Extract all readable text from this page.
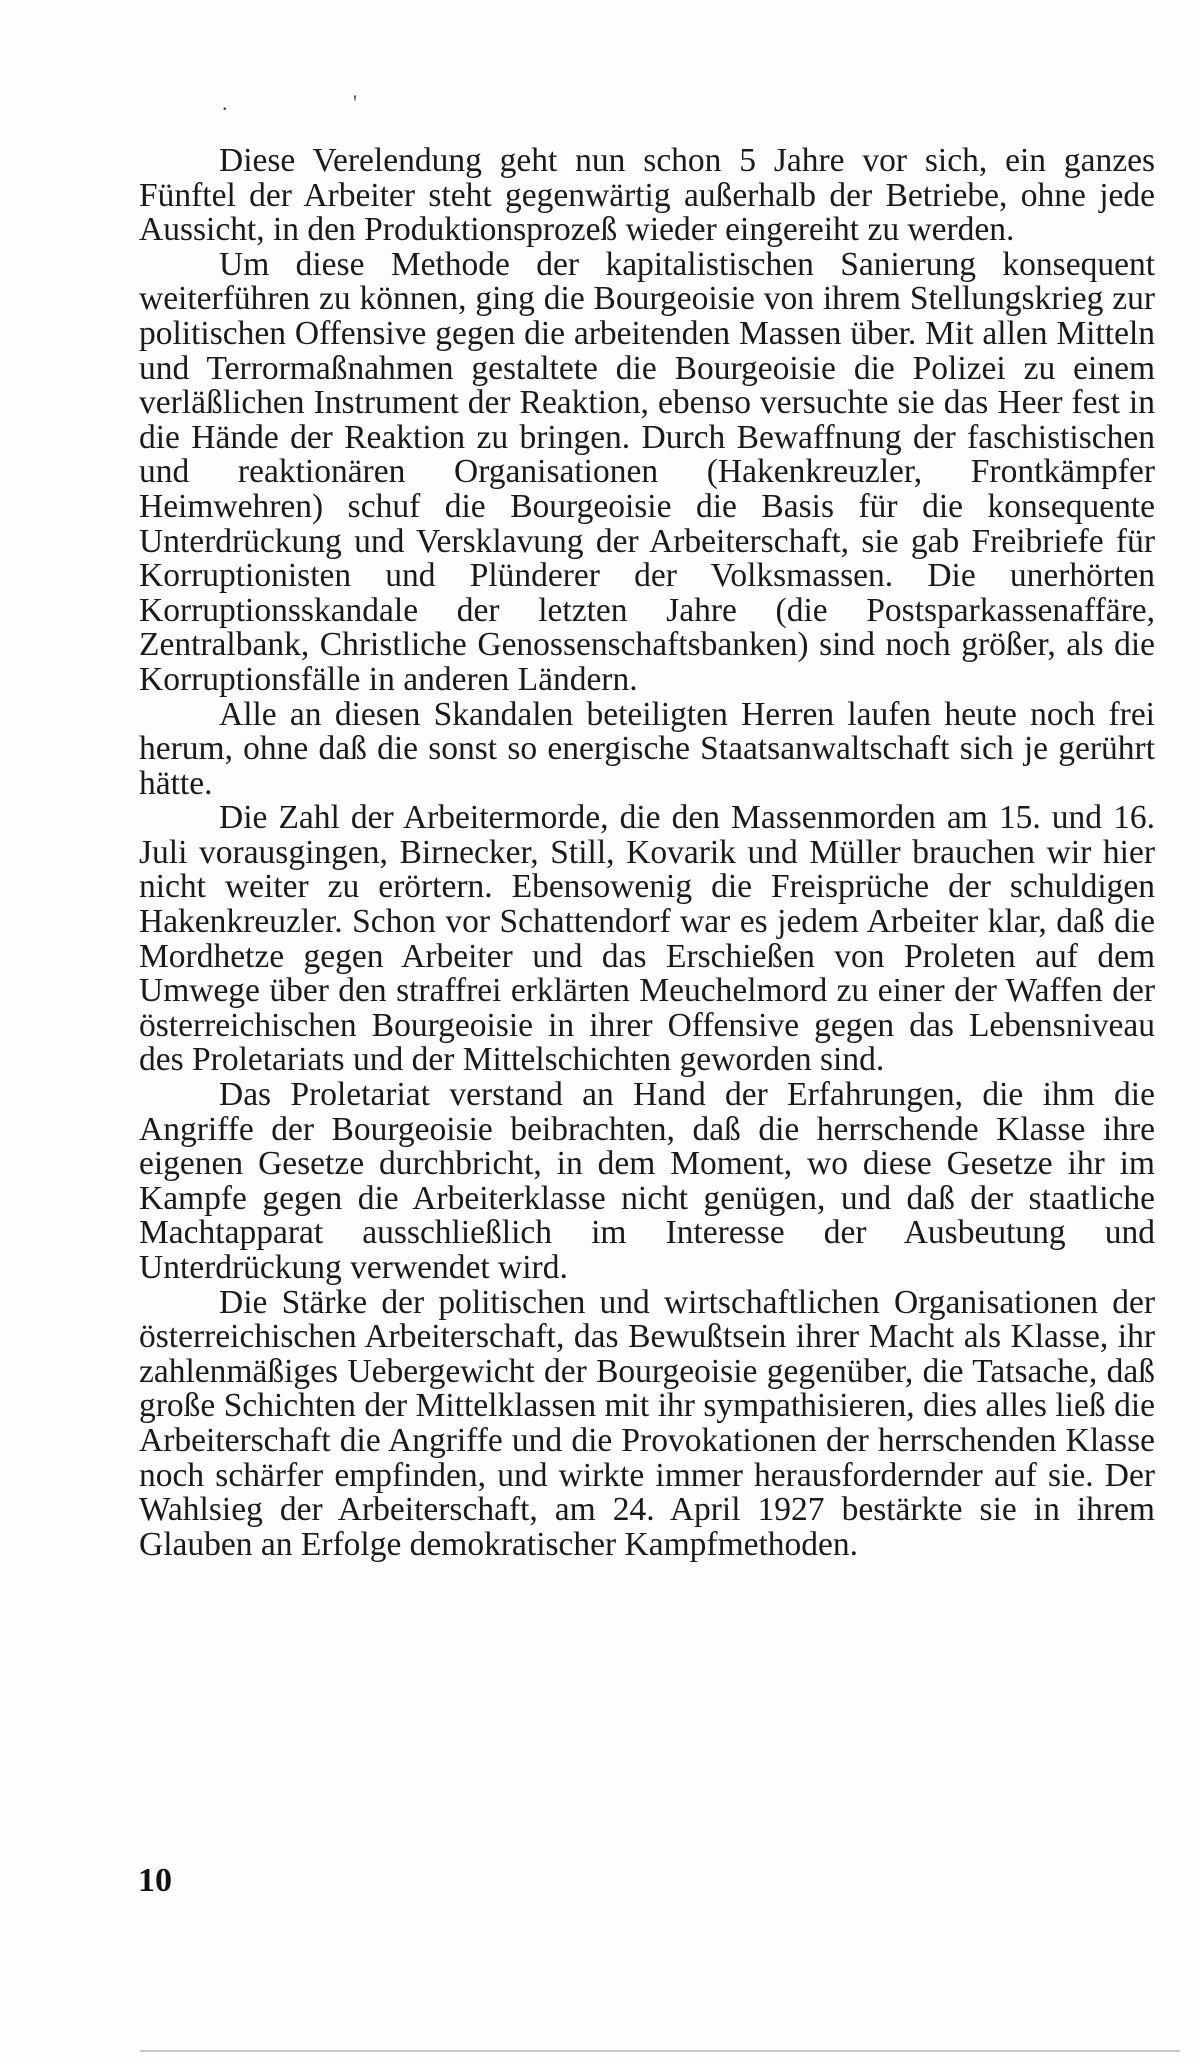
. '

Diese Verelendung geht nun schon 5 Jahre vor sich, ein ganzes Fünftel der Arbeiter steht gegenwärtig außerhalb der Betriebe, ohne jede Aussicht, in den Produktionsprozeß wieder eingereiht zu werden.

Um diese Methode der kapitalistischen Sanierung konsequent weiterführen zu können, ging die Bourgeoisie von ihrem Stellungskrieg zur politischen Offensive gegen die arbeitenden Massen über. Mit allen Mitteln und Terrormaßnahmen gestaltete die Bourgeoisie die Polizei zu einem verläßlichen Instrument der Reaktion, ebenso versuchte sie das Heer fest in die Hände der Reaktion zu bringen. Durch Bewaffnung der faschistischen und reaktionären Organisationen (Hakenkreuzler, Frontkämpfer Heimwehren) schuf die Bourgeoisie die Basis für die konsequente Unterdrückung und Versklavung der Arbeiterschaft, sie gab Freibriefe für Korruptionisten und Plünderer der Volksmassen. Die unerhörten Korruptionsskandale der letzten Jahre (die Postsparkassenaffäre, Zentralbank, Christliche Genossenschaftsbanken) sind noch größer, als die Korruptionsfälle in anderen Ländern.

Alle an diesen Skandalen beteiligten Herren laufen heute noch frei herum, ohne daß die sonst so energische Staatsanwaltschaft sich je gerührt hätte.

Die Zahl der Arbeitermorde, die den Massenmorden am 15. und 16. Juli vorausgingen, Birnecker, Still, Kovarik und Müller brauchen wir hier nicht weiter zu erörtern. Ebensowenig die Freisprüche der schuldigen Hakenkreuzler. Schon vor Schattendorf war es jedem Arbeiter klar, daß die Mordhetze gegen Arbeiter und das Erschießen von Proleten auf dem Umwege über den straffrei erklärten Meuchelmord zu einer der Waffen der österreichischen Bourgeoisie in ihrer Offensive gegen das Lebensniveau des Proletariats und der Mittelschichten geworden sind.

Das Proletariat verstand an Hand der Erfahrungen, die ihm die Angriffe der Bourgeoisie beibrachten, daß die herrschende Klasse ihre eigenen Gesetze durchbricht, in dem Moment, wo diese Gesetze ihr im Kampfe gegen die Arbeiterklasse nicht genügen, und daß der staatliche Machtapparat ausschließlich im Interesse der Ausbeutung und Unterdrückung verwendet wird.

Die Stärke der politischen und wirtschaftlichen Organisationen der österreichischen Arbeiterschaft, das Bewußtsein ihrer Macht als Klasse, ihr zahlenmäßiges Uebergewicht der Bourgeoisie gegenüber, die Tatsache, daß große Schichten der Mittelklassen mit ihr sympathisieren, dies alles ließ die Arbeiterschaft die Angriffe und die Provokationen der herrschenden Klasse noch schärfer empfinden, und wirkte immer herausfordernder auf sie. Der Wahlsieg der Arbeiterschaft, am 24. April 1927 bestärkte sie in ihrem Glauben an Erfolge demokratischer Kampfmethoden.

10
